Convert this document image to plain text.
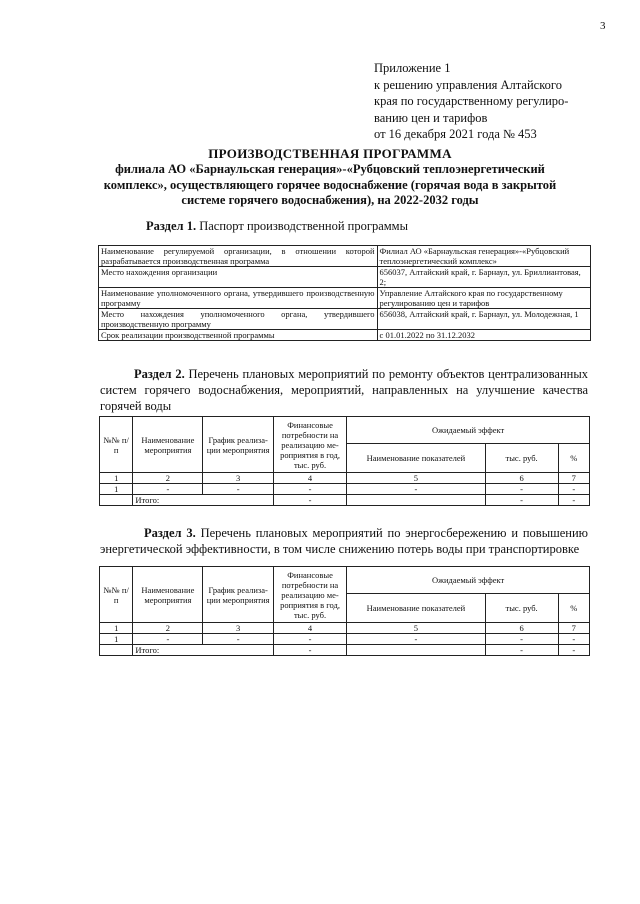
3
Приложение 1
к решению управления Алтайского
края по государственному регулиро-
ванию цен и тарифов
от 16 декабря 2021 года № 453
ПРОИЗВОДСТВЕННАЯ ПРОГРАММА
филиала АО «Барнаульская генерация»-«Рубцовский теплоэнергетический
комплекс», осуществляющего горячее водоснабжение (горячая вода в закрытой
системе горячего водоснабжения), на 2022-2032 годы
Раздел 1. Паспорт производственной программы
Наименование регулируемой организации, в отношении которой разрабатывается производственная программа	Филиал АО «Барнаульская генерация»-«Рубцовский теплоэнергетический комплекс»
Место нахождения организации	656037, Алтайский край, г. Барнаул, ул. Бриллиантовая, 2;
Наименование уполномоченного органа, утвердившего производственную программу	Управление Алтайского края по государственному регулированию цен и тарифов
Место нахождения уполномоченного органа, утвердившего производственную программу	656038, Алтайский край, г. Барнаул, ул. Молодежная, 1
Срок реализации производственной программы	с 01.01.2022 по 31.12.2032
Раздел 2. Перечень плановых мероприятий по ремонту объектов централизованных систем горячего водоснабжения, мероприятий, направленных на улучшение качества горячей воды
№№ п/п	Наименование мероприятия	График реализа-ции мероприятия	Финансовые потребности на реализацию ме-роприятия в год, тыс. руб.	Ожидаемый эффект		
				Наименование показателей	тыс. руб.	%
1	2	3	4	5	6	7
1	-	-	-	-	-	-
	Итого:		-		-	-
Раздел 3. Перечень плановых мероприятий по энергосбережению и повышению энергетической эффективности, в том числе снижению потерь воды при транспортировке
№№ п/п	Наименование мероприятия	График реализа-ции мероприятия	Финансовые потребности на реализацию ме-роприятия в год, тыс. руб.	Ожидаемый эффект		
				Наименование показателей	тыс. руб.	%
1	2	3	4	5	6	7
1	-	-	-	-	-	-
	Итого:		-		-	-
